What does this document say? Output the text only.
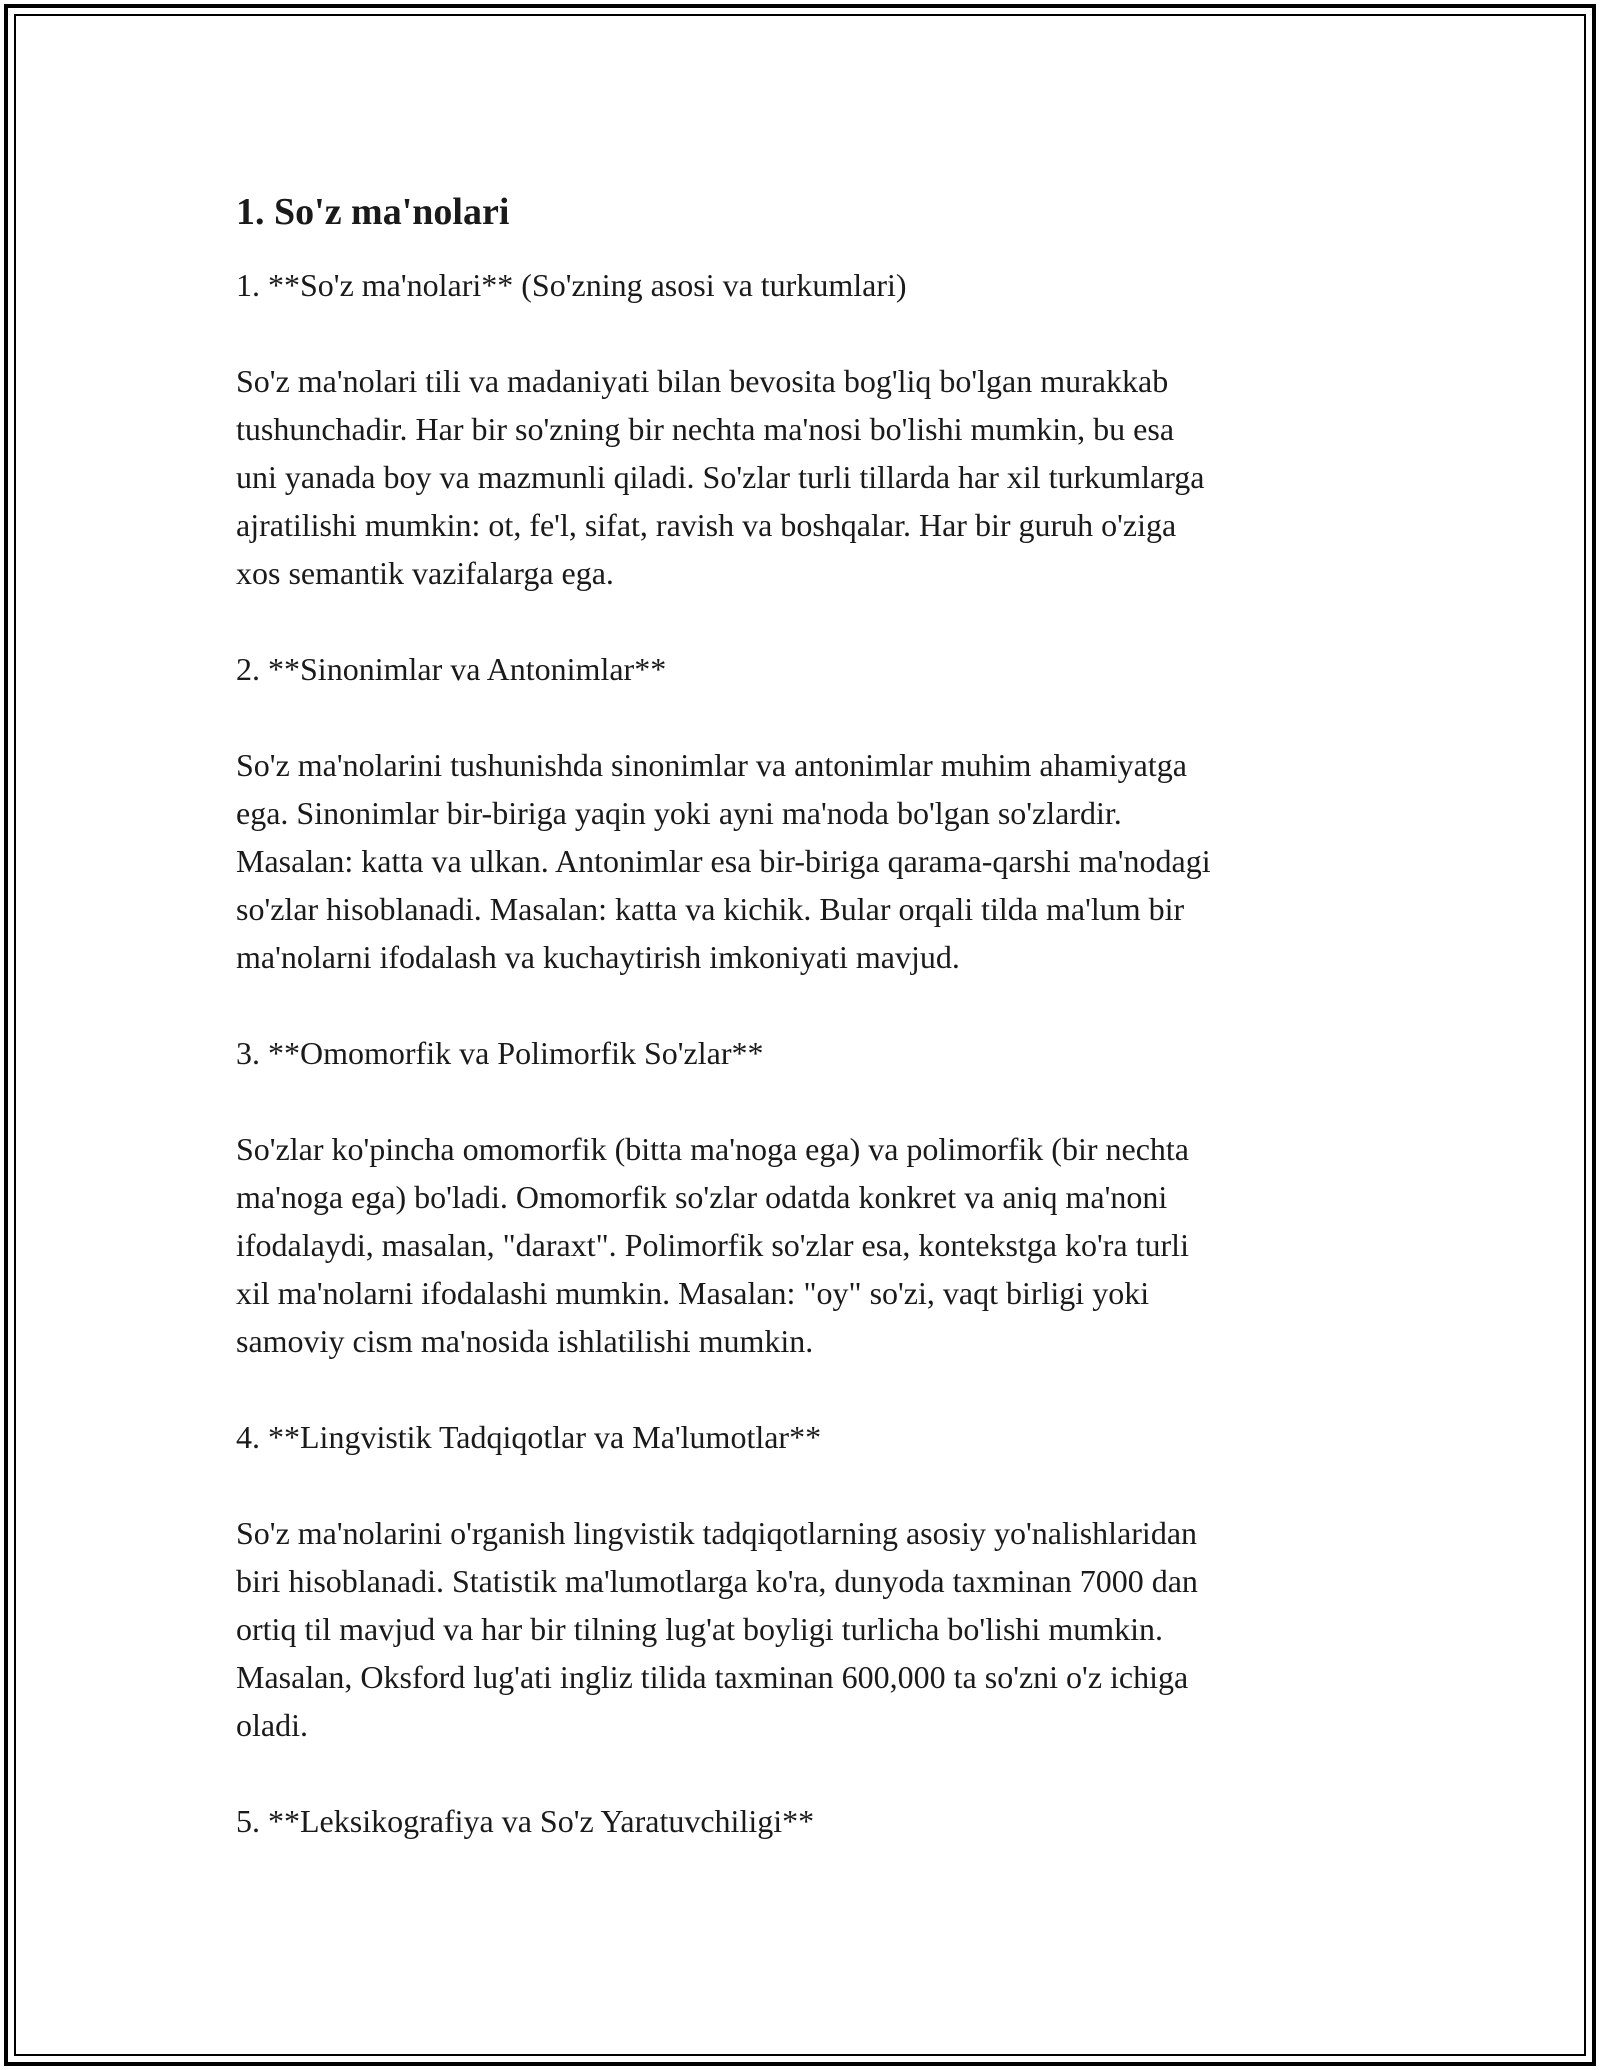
1. So'z ma'nolari

1. **So'z ma'nolari** (So'zning asosi va turkumlari)

So'z ma'nolari tili va madaniyati bilan bevosita bog'liq bo'lgan murakkab

tushunchadir. Har bir so'zning bir nechta ma'nosi bo'lishi mumkin, bu esa

uni yanada boy va mazmunli qiladi. So'zlar turli tillarda har xil turkumlarga

ajratilishi mumkin: ot, fe'l, sifat, ravish va boshqalar. Har bir guruh o'ziga

xos semantik vazifalarga ega.

2. **Sinonimlar va Antonimlar**

So'z ma'nolarini tushunishda sinonimlar va antonimlar muhim ahamiyatga

ega. Sinonimlar bir-biriga yaqin yoki ayni ma'noda bo'lgan so'zlardir.

Masalan: katta va ulkan. Antonimlar esa bir-biriga qarama-qarshi ma'nodagi

so'zlar hisoblanadi. Masalan: katta va kichik. Bular orqali tilda ma'lum bir

ma'nolarni ifodalash va kuchaytirish imkoniyati mavjud.

3. **Omomorfik va Polimorfik So'zlar**

So'zlar ko'pincha omomorfik (bitta ma'noga ega) va polimorfik (bir nechta

ma'noga ega) bo'ladi. Omomorfik so'zlar odatda konkret va aniq ma'noni

ifodalaydi, masalan, "daraxt". Polimorfik so'zlar esa, kontekstga ko'ra turli

xil ma'nolarni ifodalashi mumkin. Masalan: "oy" so'zi, vaqt birligi yoki

samoviy cism ma'nosida ishlatilishi mumkin.

4. **Lingvistik Tadqiqotlar va Ma'lumotlar**

So'z ma'nolarini o'rganish lingvistik tadqiqotlarning asosiy yo'nalishlaridan

biri hisoblanadi. Statistik ma'lumotlarga ko'ra, dunyoda taxminan 7000 dan

ortiq til mavjud va har bir tilning lug'at boyligi turlicha bo'lishi mumkin.

Masalan, Oksford lug'ati ingliz tilida taxminan 600,000 ta so'zni o'z ichiga

oladi.

5. **Leksikografiya va So'z Yaratuvchiligi**
